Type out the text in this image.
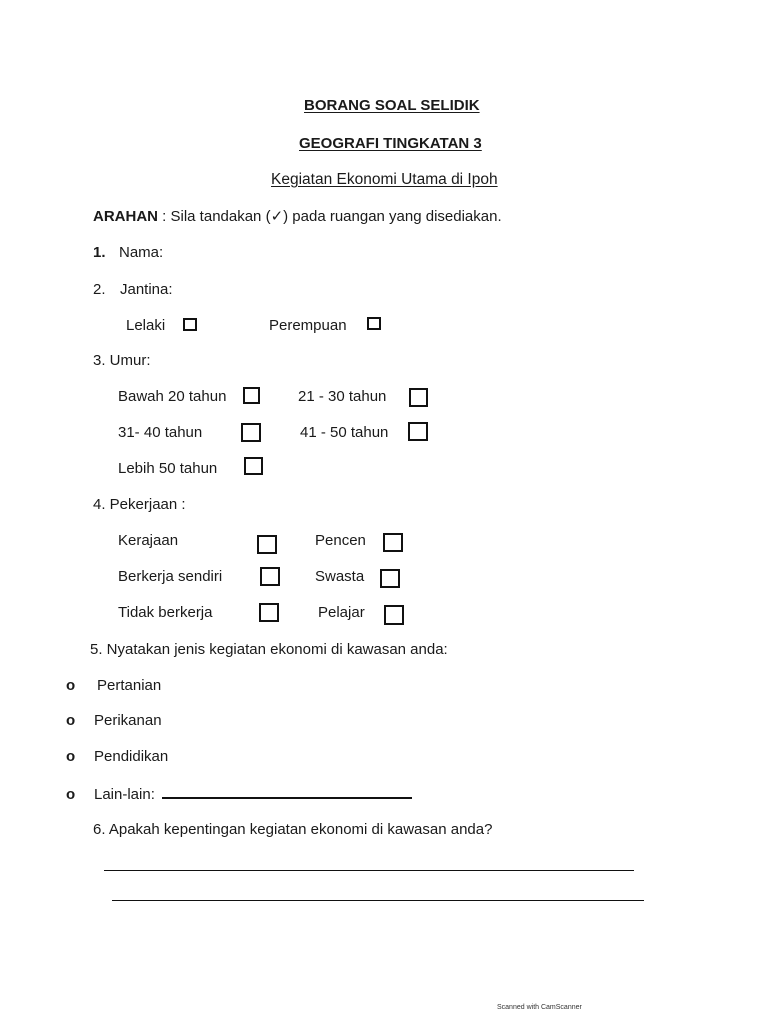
BORANG SOAL SELIDIK
GEOGRAFI TINGKATAN 3
Kegiatan Ekonomi Utama di Ipoh
ARAHAN : Sila tandakan (✓) pada ruangan yang disediakan.
1. Nama:
2. Jantina:
Lelaki	Perempuan
3. Umur:
Bawah 20 tahun	21 - 30 tahun
31- 40 tahun	41 - 50 tahun
Lebih 50 tahun
4. Pekerjaan :
Kerajaan	Pencen
Berkerja sendiri	Swasta
Tidak berkerja	Pelajar
5. Nyatakan jenis kegiatan ekonomi di kawasan anda:
o Pertanian
o Perikanan
o Pendidikan
o Lain-lain:
6. Apakah kepentingan kegiatan ekonomi di kawasan anda?
Scanned with CamScanner
